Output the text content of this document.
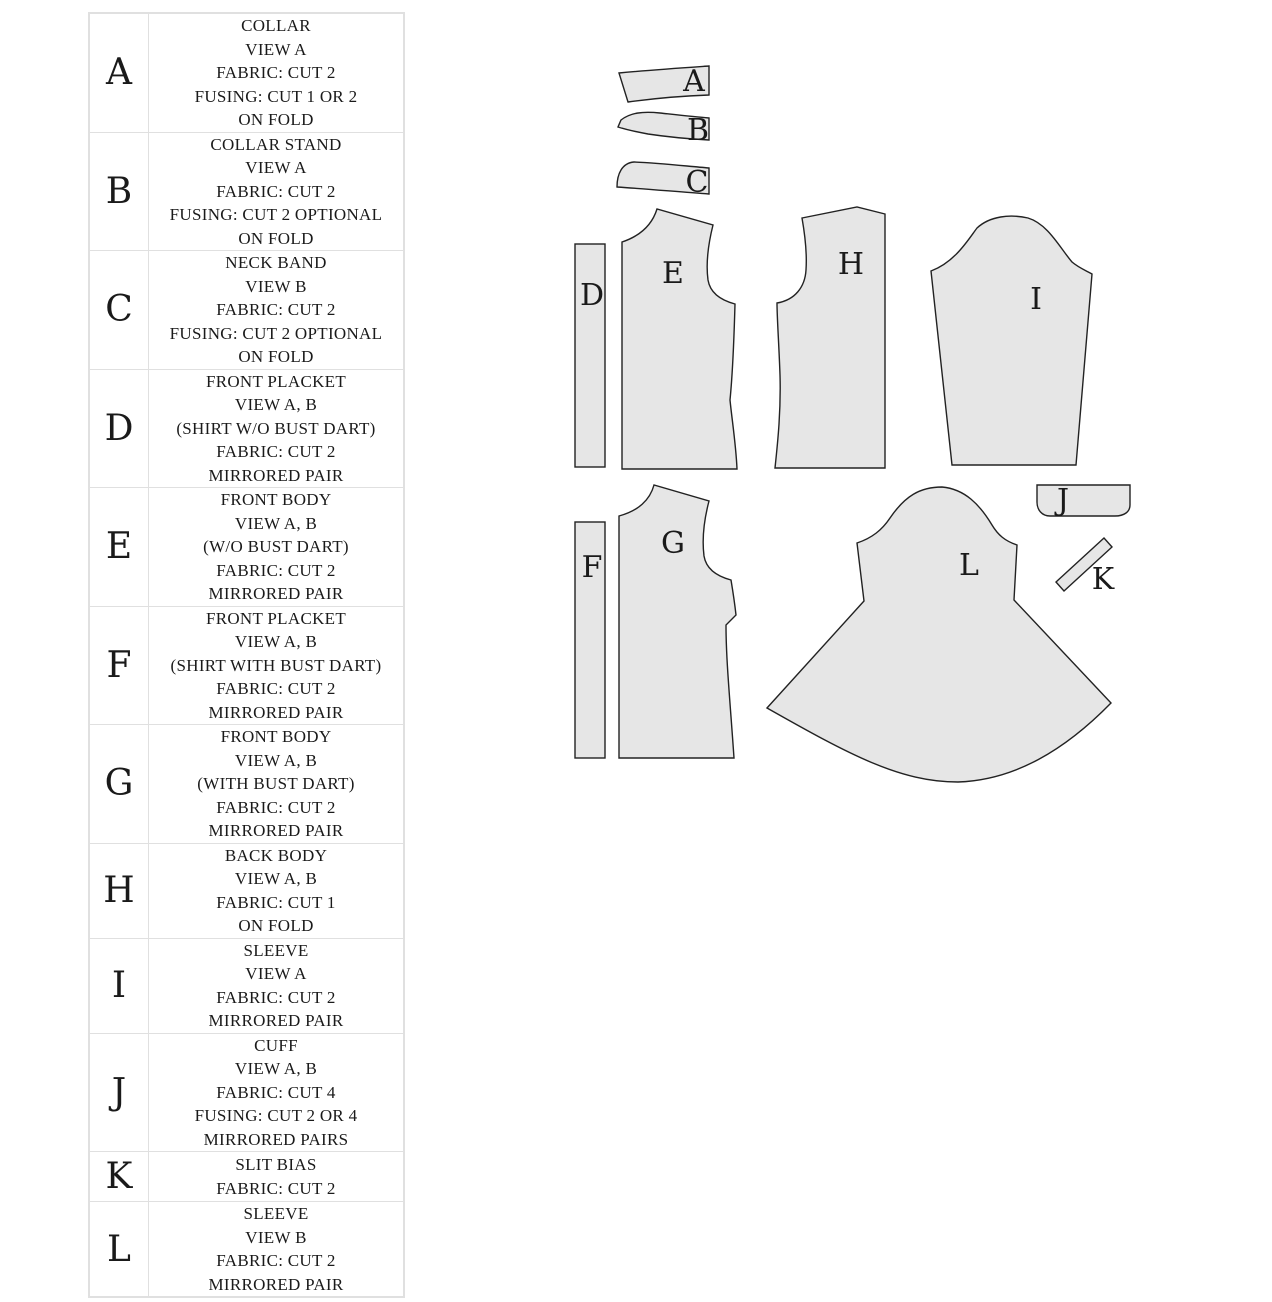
A	COLLAR
VIEW A
FABRIC: CUT 2
FUSING: CUT 1 OR 2
ON FOLD

B	COLLAR STAND
VIEW A
FABRIC: CUT 2
FUSING: CUT 2 OPTIONAL
ON FOLD

C	NECK BAND
VIEW B
FABRIC: CUT 2
FUSING: CUT 2 OPTIONAL
ON FOLD

D	FRONT PLACKET
VIEW A, B
(SHIRT W/O BUST DART)
FABRIC: CUT 2
MIRRORED PAIR

E	FRONT BODY
VIEW A, B
(W/O BUST DART)
FABRIC: CUT 2
MIRRORED PAIR

F	FRONT PLACKET
VIEW A, B
(SHIRT WITH BUST DART)
FABRIC: CUT 2
MIRRORED PAIR

G	FRONT BODY
VIEW A, B
(WITH BUST DART)
FABRIC: CUT 2
MIRRORED PAIR

H	BACK BODY
VIEW A, B
FABRIC: CUT 1
ON FOLD

I	SLEEVE
VIEW A
FABRIC: CUT 2
MIRRORED PAIR

J	CUFF
VIEW A, B
FABRIC: CUT 4
FUSING: CUT 2 OR 4
MIRRORED PAIRS

K	SLIT BIAS
FABRIC: CUT 2

L	SLEEVE
VIEW B
FABRIC: CUT 2
MIRRORED PAIR
A
B
C
D
E	H
I
J
K
F
G
L
